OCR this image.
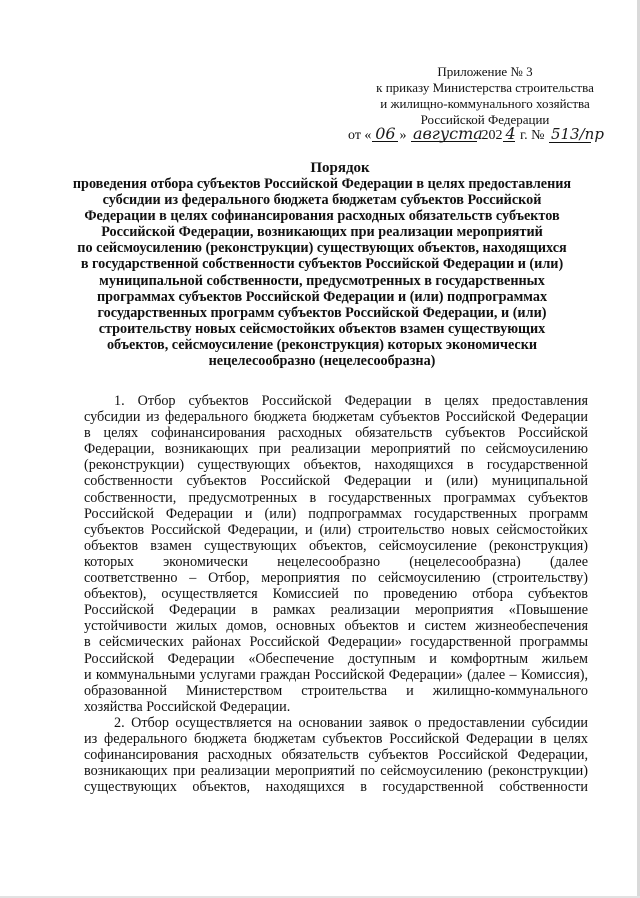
Приложение № 3
к приказу Министерства строительства
и жилищно-коммунального хозяйства
Российской Федерации
от « 06 » августа 202 4 г. № 513/пр
Порядок
проведения отбора субъектов Российской Федерации в целях предоставления
субсидии из федерального бюджета бюджетам субъектов Российской
Федерации в целях софинансирования расходных обязательств субъектов
Российской Федерации, возникающих при реализации мероприятий
по сейсмоусилению (реконструкции) существующих объектов, находящихся
в государственной собственности субъектов Российской Федерации и (или)
муниципальной собственности, предусмотренных в государственных
программах субъектов Российской Федерации и (или) подпрограммах
государственных программ субъектов Российской Федерации, и (или)
строительству новых сейсмостойких объектов взамен существующих
объектов, сейсмоусиление (реконструкция) которых экономически
нецелесообразно (нецелесообразна)
1. Отбор субъектов Российской Федерации в целях предоставления
субсидии из федерального бюджета бюджетам субъектов Российской Федерации
в целях софинансирования расходных обязательств субъектов Российской
Федерации, возникающих при реализации мероприятий по сейсмоусилению
(реконструкции) существующих объектов, находящихся в государственной
собственности субъектов Российской Федерации и (или) муниципальной
собственности, предусмотренных в государственных программах субъектов
Российской Федерации и (или) подпрограммах государственных программ
субъектов Российской Федерации, и (или) строительство новых сейсмостойких
объектов взамен существующих объектов, сейсмоусиление (реконструкция)
которых экономически нецелесообразно (нецелесообразна) (далее
соответственно – Отбор, мероприятия по сейсмоусилению (строительству)
объектов), осуществляется Комиссией по проведению отбора субъектов
Российской Федерации в рамках реализации мероприятия «Повышение
устойчивости жилых домов, основных объектов и систем жизнеобеспечения
в сейсмических районах Российской Федерации» государственной программы
Российской Федерации «Обеспечение доступным и комфортным жильем
и коммунальными услугами граждан Российской Федерации» (далее – Комиссия),
образованной Министерством строительства и жилищно-коммунального
хозяйства Российской Федерации.
2. Отбор осуществляется на основании заявок о предоставлении субсидии
из федерального бюджета бюджетам субъектов Российской Федерации в целях
софинансирования расходных обязательств субъектов Российской Федерации,
возникающих при реализации мероприятий по сейсмоусилению (реконструкции)
существующих объектов, находящихся в государственной собственности
